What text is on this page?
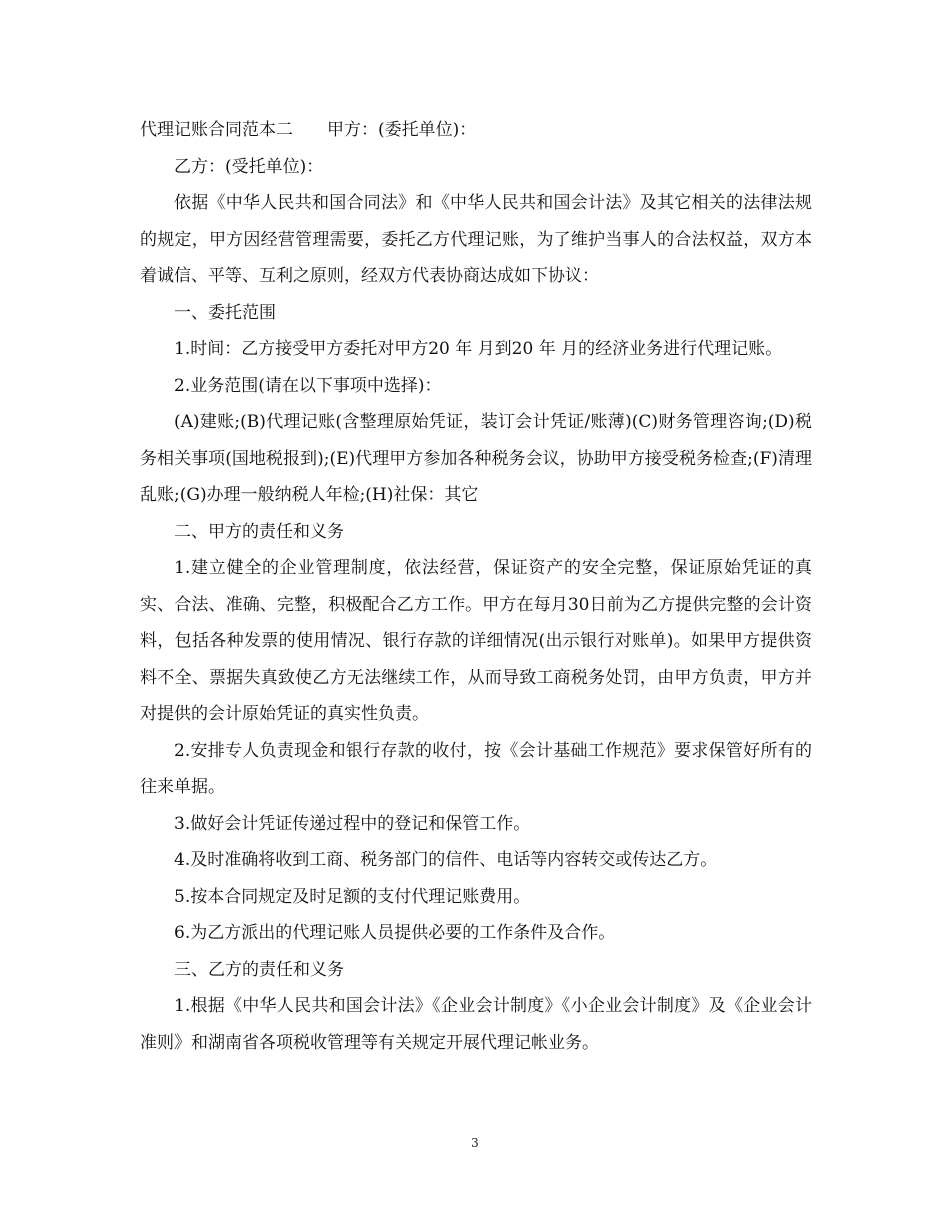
代理记账合同范本二　　甲方：(委托单位)：

乙方：(受托单位)：

依据《中华人民共和国合同法》和《中华人民共和国会计法》及其它相关的法律法规的规定，甲方因经营管理需要，委托乙方代理记账，为了维护当事人的合法权益，双方本着诚信、平等、互利之原则，经双方代表协商达成如下协议：

一、委托范围

1.时间：乙方接受甲方委托对甲方20 年 月到20 年 月的经济业务进行代理记账。

2.业务范围(请在以下事项中选择)：

(A)建账;(B)代理记账(含整理原始凭证，装订会计凭证/账薄)(C)财务管理咨询;(D)税务相关事项(国地税报到);(E)代理甲方参加各种税务会议，协助甲方接受税务检查;(F)清理乱账;(G)办理一般纳税人年检;(H)社保：其它

二、甲方的责任和义务

1.建立健全的企业管理制度，依法经营，保证资产的安全完整，保证原始凭证的真实、合法、准确、完整，积极配合乙方工作。甲方在每月30日前为乙方提供完整的会计资料，包括各种发票的使用情况、银行存款的详细情况(出示银行对账单)。如果甲方提供资料不全、票据失真致使乙方无法继续工作，从而导致工商税务处罚，由甲方负责，甲方并对提供的会计原始凭证的真实性负责。

2.安排专人负责现金和银行存款的收付，按《会计基础工作规范》要求保管好所有的往来单据。

3.做好会计凭证传递过程中的登记和保管工作。

4.及时准确将收到工商、税务部门的信件、电话等内容转交或传达乙方。

5.按本合同规定及时足额的支付代理记账费用。

6.为乙方派出的代理记账人员提供必要的工作条件及合作。

三、乙方的责任和义务

1.根据《中华人民共和国会计法》《企业会计制度》《小企业会计制度》及《企业会计准则》和湖南省各项税收管理等有关规定开展代理记帐业务。

3
